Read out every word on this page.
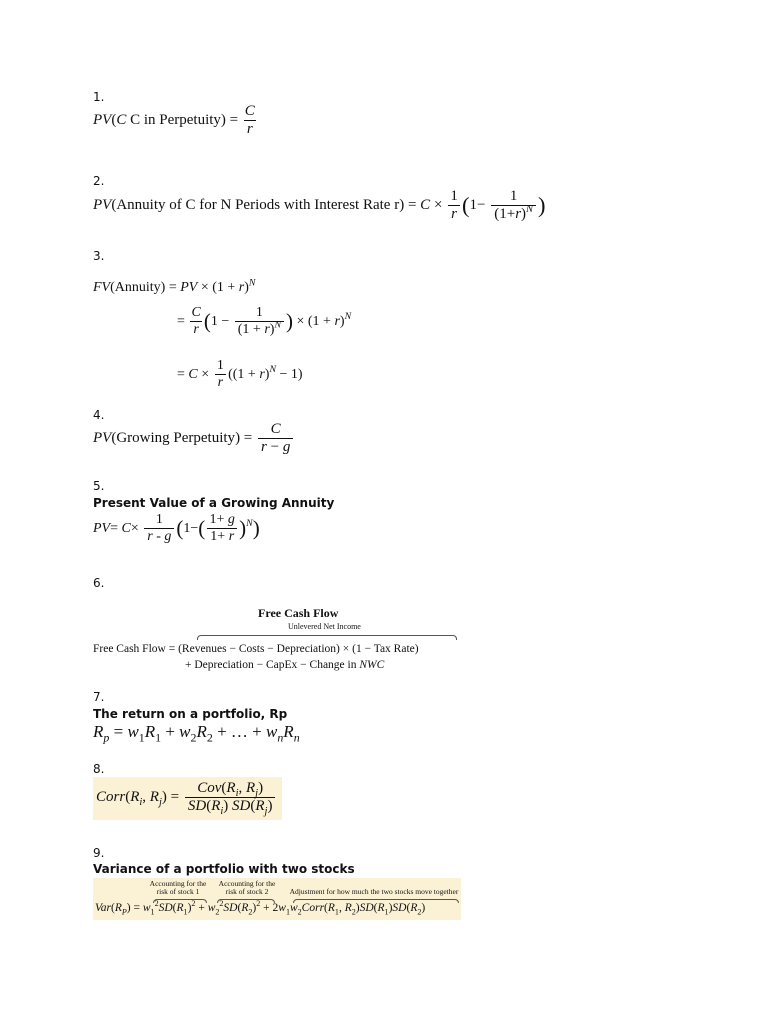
1.
PV(C C in Perpetuity) = $\frac{C}{r}$
2.
PV(Annuity of C for N Periods with Interest Rate $r) = C \times \frac{1}{r} (1- \frac{1}{(1+r)^N}$ )
3.
FV(Annuity) = PV × $(1 + r)^N$
= $\frac{C}{r} (1 - \frac{1}{(1 + r)^N}$ ) × $(1 + r)^N$
= $C \times \frac{1}{r} ((1 + r)^N - 1)$
4.
PV(Growing Perpetuity) = $\frac{C}{r - g}$
5.
Present Value of a Growing Annuity
$PV= C\times \frac{1}{r - g} (1-( \frac{1+ g}{1+ r} )^N)$
6.
Free Cash Flow
Unlevered Net Income
Free Cash Flow = (Revenues − Costs − Depreciation) × (1 − Tax Rate)
+ Depreciation − CapEx − Change in NWC
7.
The return on a portfolio, Rp
$R_p = w_1R_1 + w_2R_2$ + … + $w_nR_n$
8.
$Corr(R_i$, $R_j) = \frac{Cov(R_i, R_j)}{SD(R_i) SD(R_j)}$
9.
Variance of a portfolio with two stocks
Accounting for the risk of stock 1
Accounting for the risk of stock 2	Adjustment for how much the two stocks move together
$Var(R_P) = w_1^2SD(R_1)^2 + w_2^2SD(R_2)^2$ + $2w_1w_2Corr(R_1$, $R_2)SD(R_1)SD(R_2)$
